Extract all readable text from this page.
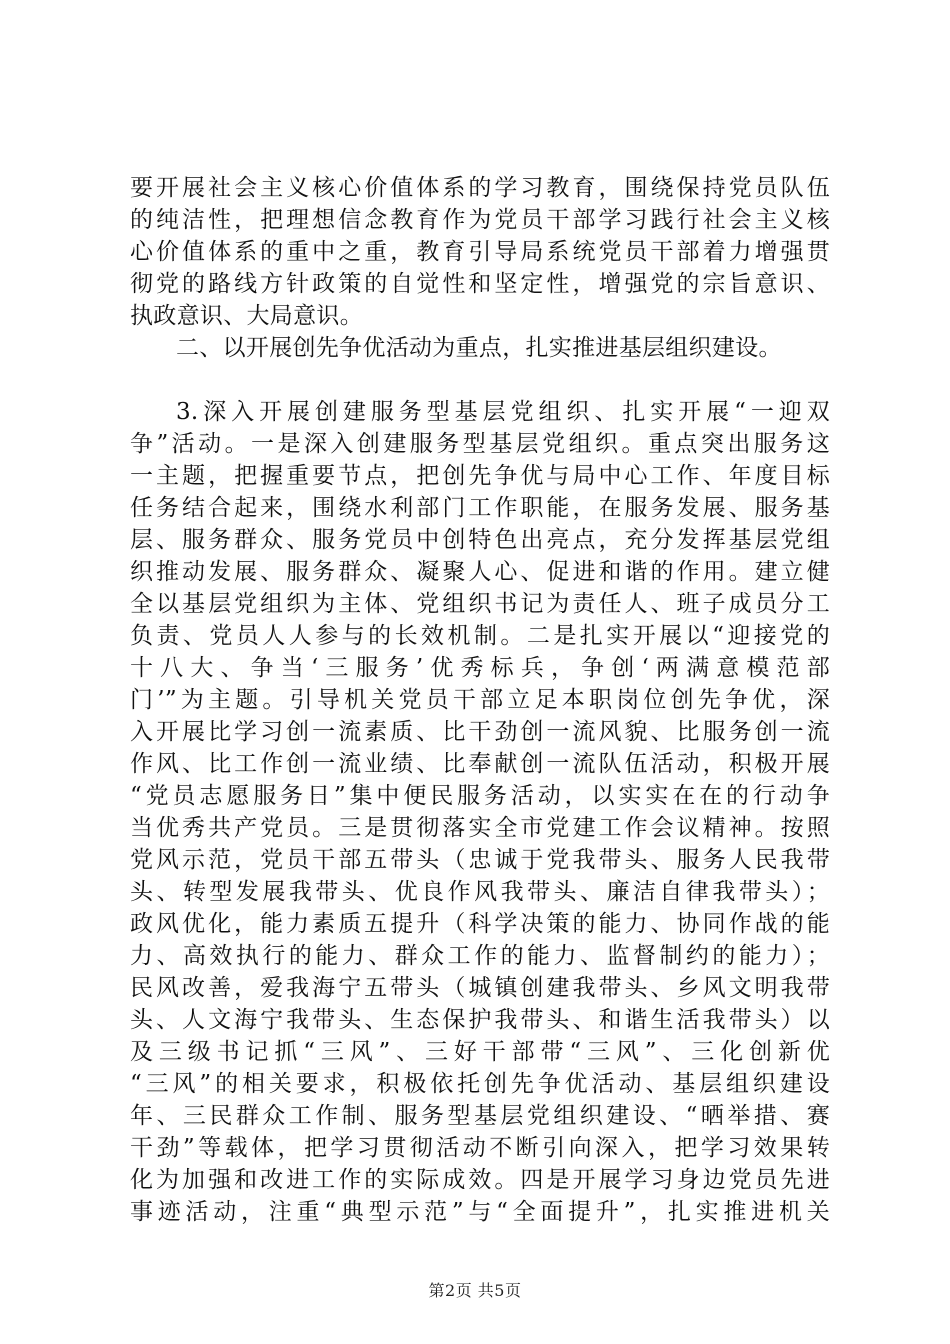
要开展社会主义核心价值体系的学习教育，围绕保持党员队伍
的纯洁性，把理想信念教育作为党员干部学习践行社会主义核
心价值体系的重中之重，教育引导局系统党员干部着力增强贯
彻党的路线方针政策的自觉性和坚定性，增强党的宗旨意识、
执政意识、大局意识。
二、以开展创先争优活动为重点，扎实推进基层组织建设。
3.深入开展创建服务型基层党组织、扎实开展“一迎双
争”活动。一是深入创建服务型基层党组织。重点突出服务这
一主题，把握重要节点，把创先争优与局中心工作、年度目标
任务结合起来，围绕水利部门工作职能，在服务发展、服务基
层、服务群众、服务党员中创特色出亮点，充分发挥基层党组
织推动发展、服务群众、凝聚人心、促进和谐的作用。建立健
全以基层党组织为主体、党组织书记为责任人、班子成员分工
负责、党员人人参与的长效机制。二是扎实开展以“迎接党的
十八大、争当‘三服务’优秀标兵，争创‘两满意模范部
门’”为主题。引导机关党员干部立足本职岗位创先争优，深
入开展比学习创一流素质、比干劲创一流风貌、比服务创一流
作风、比工作创一流业绩、比奉献创一流队伍活动，积极开展
“党员志愿服务日”集中便民服务活动，以实实在在的行动争
当优秀共产党员。三是贯彻落实全市党建工作会议精神。按照
党风示范，党员干部五带头（忠诚于党我带头、服务人民我带
头、转型发展我带头、优良作风我带头、廉洁自律我带头）；
政风优化，能力素质五提升（科学决策的能力、协同作战的能
力、高效执行的能力、群众工作的能力、监督制约的能力）；
民风改善，爱我海宁五带头（城镇创建我带头、乡风文明我带
头、人文海宁我带头、生态保护我带头、和谐生活我带头）以
及三级书记抓“三风”、三好干部带“三风”、三化创新优
“三风”的相关要求，积极依托创先争优活动、基层组织建设
年、三民群众工作制、服务型基层党组织建设、“晒举措、赛
干劲”等载体，把学习贯彻活动不断引向深入，把学习效果转
化为加强和改进工作的实际成效。四是开展学习身边党员先进
事迹活动，注重“典型示范”与“全面提升”，扎实推进机关
第2页 共5页
